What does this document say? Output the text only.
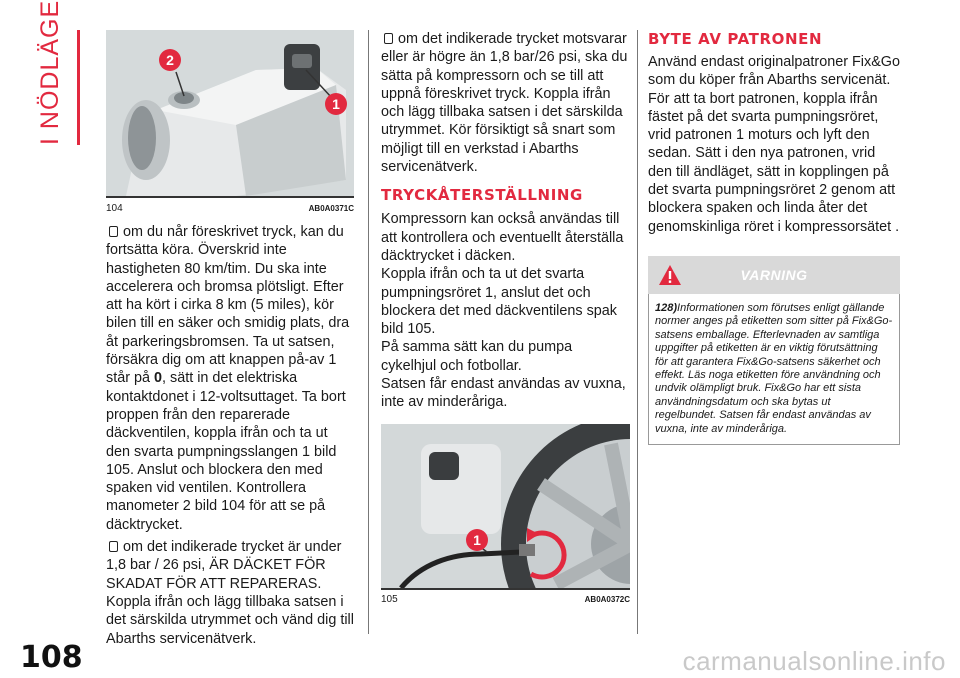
I NÖDLÄGE	2
1
104	AB0A0371C

om du når föreskrivet tryck, kan du fortsätta köra. Överskrid inte hastigheten 80 km/tim. Du ska inte accelerera och bromsa plötsligt. Efter att ha kört i cirka 8 km (5 miles), kör bilen till en säker och smidig plats, dra åt parkeringsbromsen. Ta ut satsen, försäkra dig om att knappen på-av 1 står på 0, sätt in det elektriska kontaktdonet i 12-voltsuttaget. Ta bort proppen från den reparerade däckventilen, koppla ifrån och ta ut den svarta pumpningsslangen 1 bild 105. Anslut och blockera den med spaken vid ventilen. Kontrollera manometer 2 bild 104 för att se på däcktrycket.

om det indikerade trycket är under 1,8 bar / 26 psi, ÄR DÄCKET FÖR SKADAT FÖR ATT REPARERAS. Koppla ifrån och lägg tillbaka satsen i det särskilda utrymmet och vänd dig till Abarths servicenätverk.

om det indikerade trycket motsvarar eller är högre än 1,8 bar/26 psi, ska du sätta på kompressorn och se till att uppnå föreskrivet tryck. Koppla ifrån och lägg tillbaka satsen i det särskilda utrymmet. Kör försiktigt så snart som möjligt till en verkstad i Abarths servicenätverk.

TRYCKÅTERSTÄLLNING

Kompressorn kan också användas till att kontrollera och eventuellt återställa däcktrycket i däcken.

Koppla ifrån och ta ut det svarta pumpningsröret 1, anslut det och blockera det med däckventilens spak bild 105.

På samma sätt kan du pumpa cykelhjul och fotbollar.

Satsen får endast användas av vuxna, inte av minderåriga.

1
105	AB0A0372C
BYTE AV PATRONEN

Använd endast originalpatroner Fix&Go som du köper från Abarths servicenät. För att ta bort patronen, koppla ifrån fästet på det svarta pumpningsröret, vrid patronen 1 moturs och lyft den sedan. Sätt i den nya patronen, vrid den till ändläget, sätt in kopplingen på det svarta pumpningsröret 2 genom att blockera spaken och linda åter det genomskinliga röret i kompressorsätet .

VARNING

128)Informationen som förutses enligt gällande normer anges på etiketten som sitter på Fix&Go-satsens emballage. Efterlevnaden av samtliga uppgifter på etiketten är en viktig förutsättning för att garantera Fix&Go-satsens säkerhet och effekt. Läs noga etiketten före användning och undvik olämpligt bruk. Fix&Go har ett sista användningsdatum och ska bytas ut regelbundet. Satsen får endast användas av vuxna, inte av minderåriga.

108	carmanualsonline.info
